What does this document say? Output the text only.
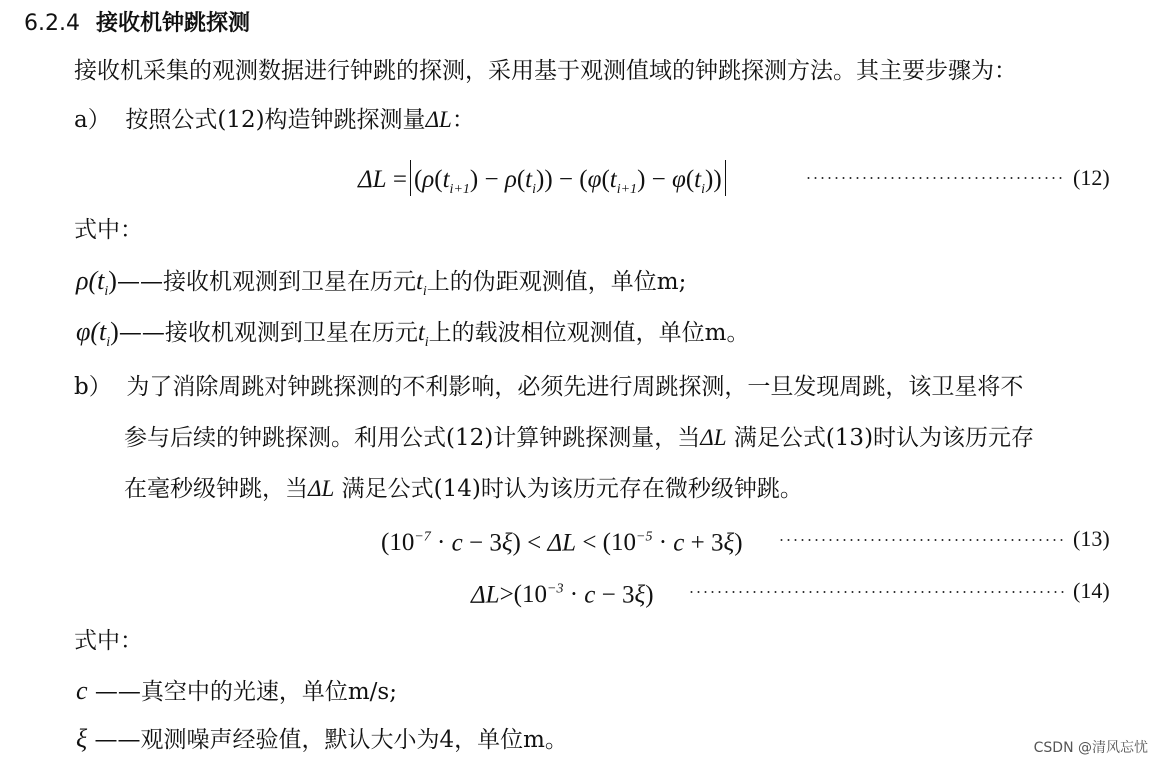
6.2.4 接收机钟跳探测
接收机采集的观测数据进行钟跳的探测，采用基于观测值域的钟跳探测方法。其主要步骤为：
a） 按照公式(12)构造钟跳探测量ΔL：
$\Delta L = (\rho(t_{i+1}) - \rho(t_i)) - (\varphi(t_{i+1}) - \varphi(t_i))$	(12)
式中：
$\rho(t_i)——$接收机观测到卫星在历元$t_i$上的伪距观测值，单位m;
$\varphi(t_i)——$接收机观测到卫星在历元$t_i$上的载波相位观测值，单位m。
b） 为了消除周跳对钟跳探测的不利影响，必须先进行周跳探测，一旦发现周跳，该卫星将不
参与后续的钟跳探测。利用公式(12)计算钟跳探测量，当ΔL 满足公式(13)时认为该历元存
在毫秒级钟跳，当ΔL 满足公式(14)时认为该历元存在微秒级钟跳。
$(10^{-7} \cdot c - 3\xi) < \Delta L < (10^{-5} \cdot c + 3\xi)$	(13)
$\Delta L>(10^{-3} \cdot c - 3\xi)$	(14)
式中：
c ——真空中的光速，单位m/s;
ξ ——观测噪声经验值，默认大小为4，单位m。	CSDN @清风忘忧
